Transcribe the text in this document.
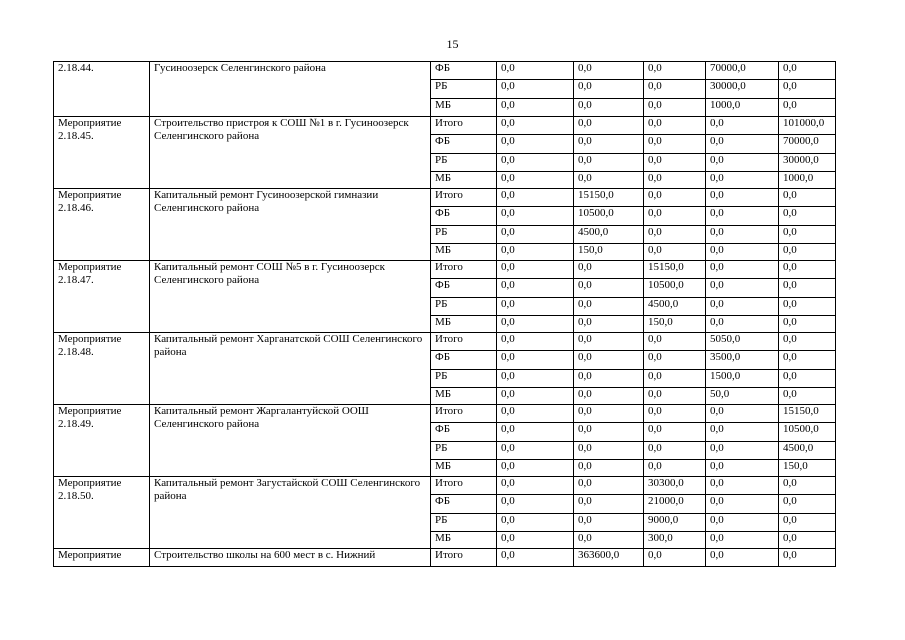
15
2.18.44.	Гусиноозерск Селенгинского района	ФБ	0,0	0,0	0,0	70000,0	0,0
		РБ	0,0	0,0	0,0	30000,0	0,0
		МБ	0,0	0,0	0,0	1000,0	0,0
Мероприятие 2.18.45.	Строительство пристроя к СОШ №1 в г. Гусиноозерск Селенгинского района	Итого	0,0	0,0	0,0	0,0	101000,0
		ФБ	0,0	0,0	0,0	0,0	70000,0
		РБ	0,0	0,0	0,0	0,0	30000,0
		МБ	0,0	0,0	0,0	0,0	1000,0
Мероприятие 2.18.46.	Капитальный ремонт Гусиноозерской гимназии Селенгинского района	Итого	0,0	15150,0	0,0	0,0	0,0
		ФБ	0,0	10500,0	0,0	0,0	0,0
		РБ	0,0	4500,0	0,0	0,0	0,0
		МБ	0,0	150,0	0,0	0,0	0,0
Мероприятие 2.18.47.	Капитальный ремонт СОШ №5 в г. Гусиноозерск Селенгинского района	Итого	0,0	0,0	15150,0	0,0	0,0
		ФБ	0,0	0,0	10500,0	0,0	0,0
		РБ	0,0	0,0	4500,0	0,0	0,0
		МБ	0,0	0,0	150,0	0,0	0,0
Мероприятие 2.18.48.	Капитальный ремонт Харганатской СОШ Селенгинского района	Итого	0,0	0,0	0,0	5050,0	0,0
		ФБ	0,0	0,0	0,0	3500,0	0,0
		РБ	0,0	0,0	0,0	1500,0	0,0
		МБ	0,0	0,0	0,0	50,0	0,0
Мероприятие 2.18.49.	Капитальный ремонт Жаргалантуйской ООШ Селенгинского района	Итого	0,0	0,0	0,0	0,0	15150,0
		ФБ	0,0	0,0	0,0	0,0	10500,0
		РБ	0,0	0,0	0,0	0,0	4500,0
		МБ	0,0	0,0	0,0	0,0	150,0
Мероприятие 2.18.50.	Капитальный ремонт Загустайской СОШ Селенгинского района	Итого	0,0	0,0	30300,0	0,0	0,0
		ФБ	0,0	0,0	21000,0	0,0	0,0
		РБ	0,0	0,0	9000,0	0,0	0,0
		МБ	0,0	0,0	300,0	0,0	0,0
Мероприятие	Строительство школы на 600 мест в с. Нижний	Итого	0,0	363600,0	0,0	0,0	0,0
